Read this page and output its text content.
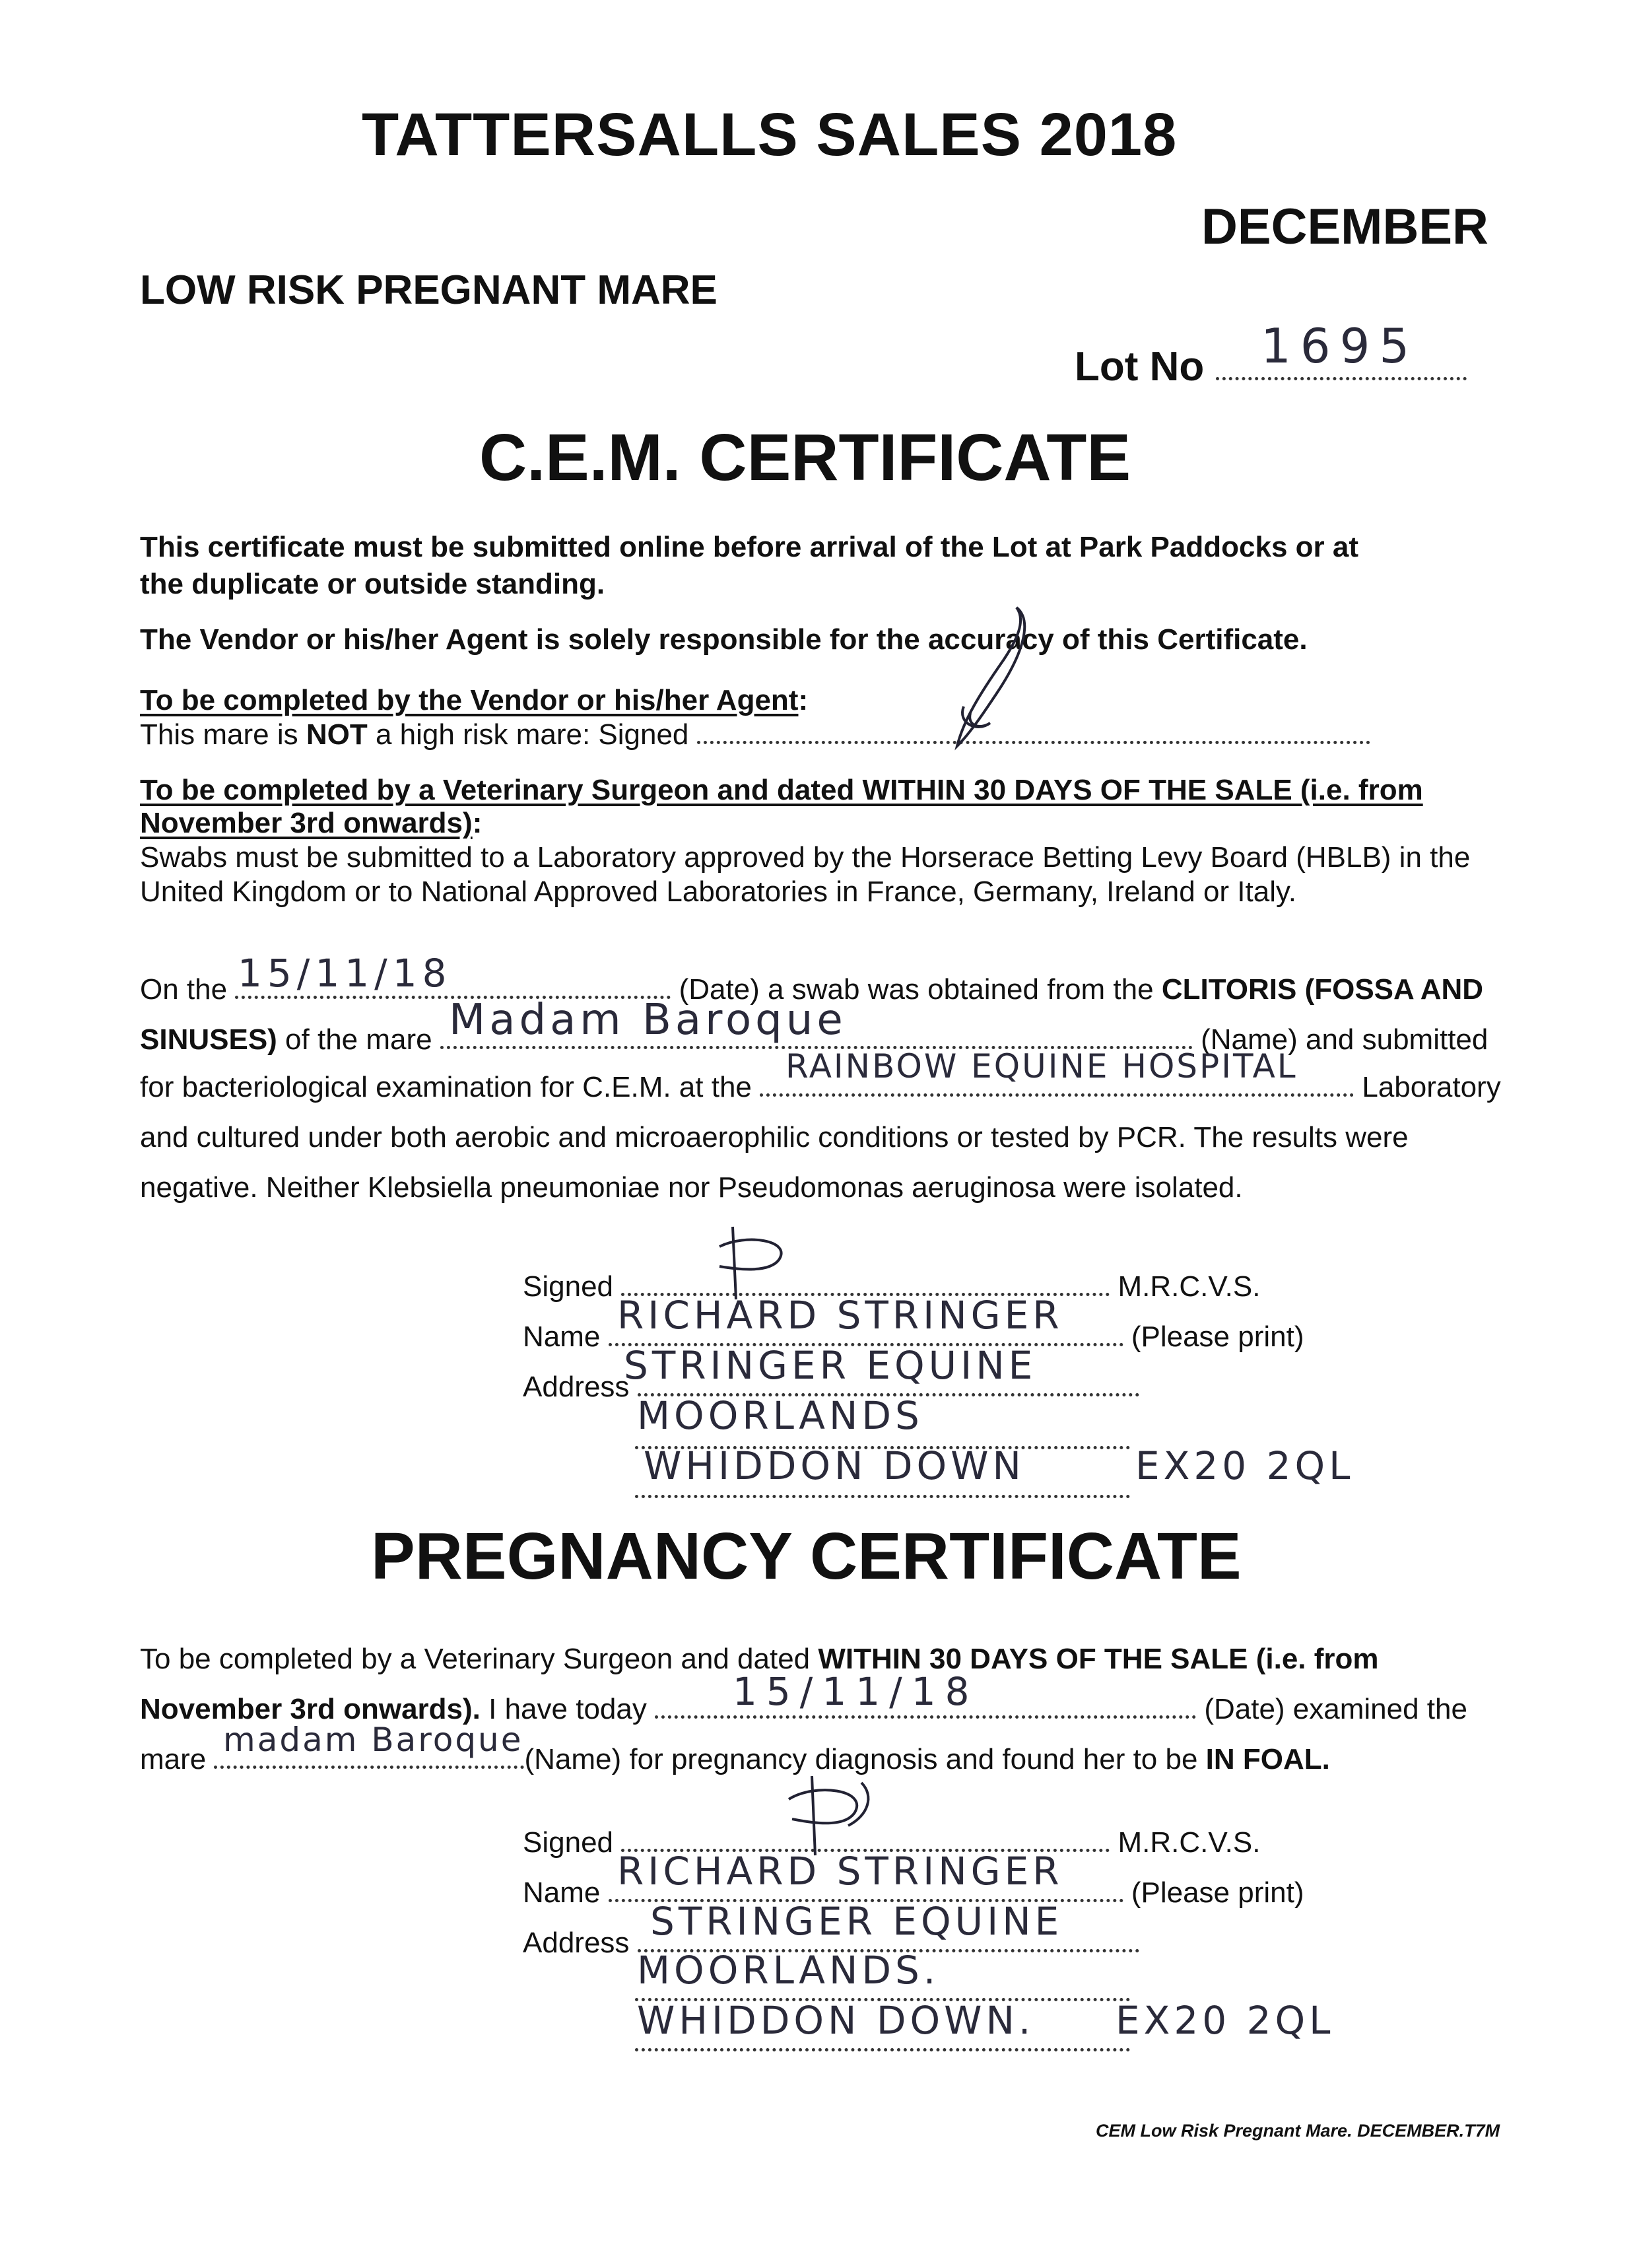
TATTERSALLS SALES 2018
DECEMBER
LOW RISK PREGNANT MARE
Lot No	1695
C.E.M. CERTIFICATE
This certificate must be submitted online before arrival of the Lot at Park Paddocks or at
the duplicate or outside standing.
The Vendor or his/her Agent is solely responsible for the accuracy of this Certificate.
To be completed by the Vendor or his/her Agent:
This mare is NOT a high risk mare: Signed
To be completed by a Veterinary Surgeon and dated WITHIN 30 DAYS OF THE SALE (i.e. from
November 3rd onwards):
Swabs must be submitted to a Laboratory approved by the Horserace Betting Levy Board (HBLB) in the
United Kingdom or to National Approved Laboratories in France, Germany, Ireland or Italy.
On the	(Date) a swab was obtained from the CLITORIS (FOSSA AND
15/11/18
SINUSES) of the mare	(Name) and submitted
Madam Baroque
for bacteriological examination for C.E.M. at the	Laboratory
RAINBOW EQUINE HOSPITAL
and cultured under both aerobic and microaerophilic conditions or tested by PCR. The results were
negative. Neither Klebsiella pneumoniae nor Pseudomonas aeruginosa were isolated.
Signed	M.R.C.V.S.
Name	(Please print)
RICHARD STRINGER
Address
STRINGER EQUINE
MOORLANDS
WHIDDON DOWN	EX20 2QL
PREGNANCY CERTIFICATE
To be completed by a Veterinary Surgeon and dated WITHIN 30 DAYS OF THE SALE (i.e. from
November 3rd onwards). I have today	(Date) examined the
15/11/18
mare	(Name) for pregnancy diagnosis and found her to be IN FOAL.
madam Baroque
Signed	M.R.C.V.S.
Name	(Please print)
RICHARD STRINGER
Address STRINGER EQUINE
MOORLANDS.
WHIDDON DOWN. EX20 2QL
CEM Low Risk Pregnant Mare. DECEMBER.T7M
